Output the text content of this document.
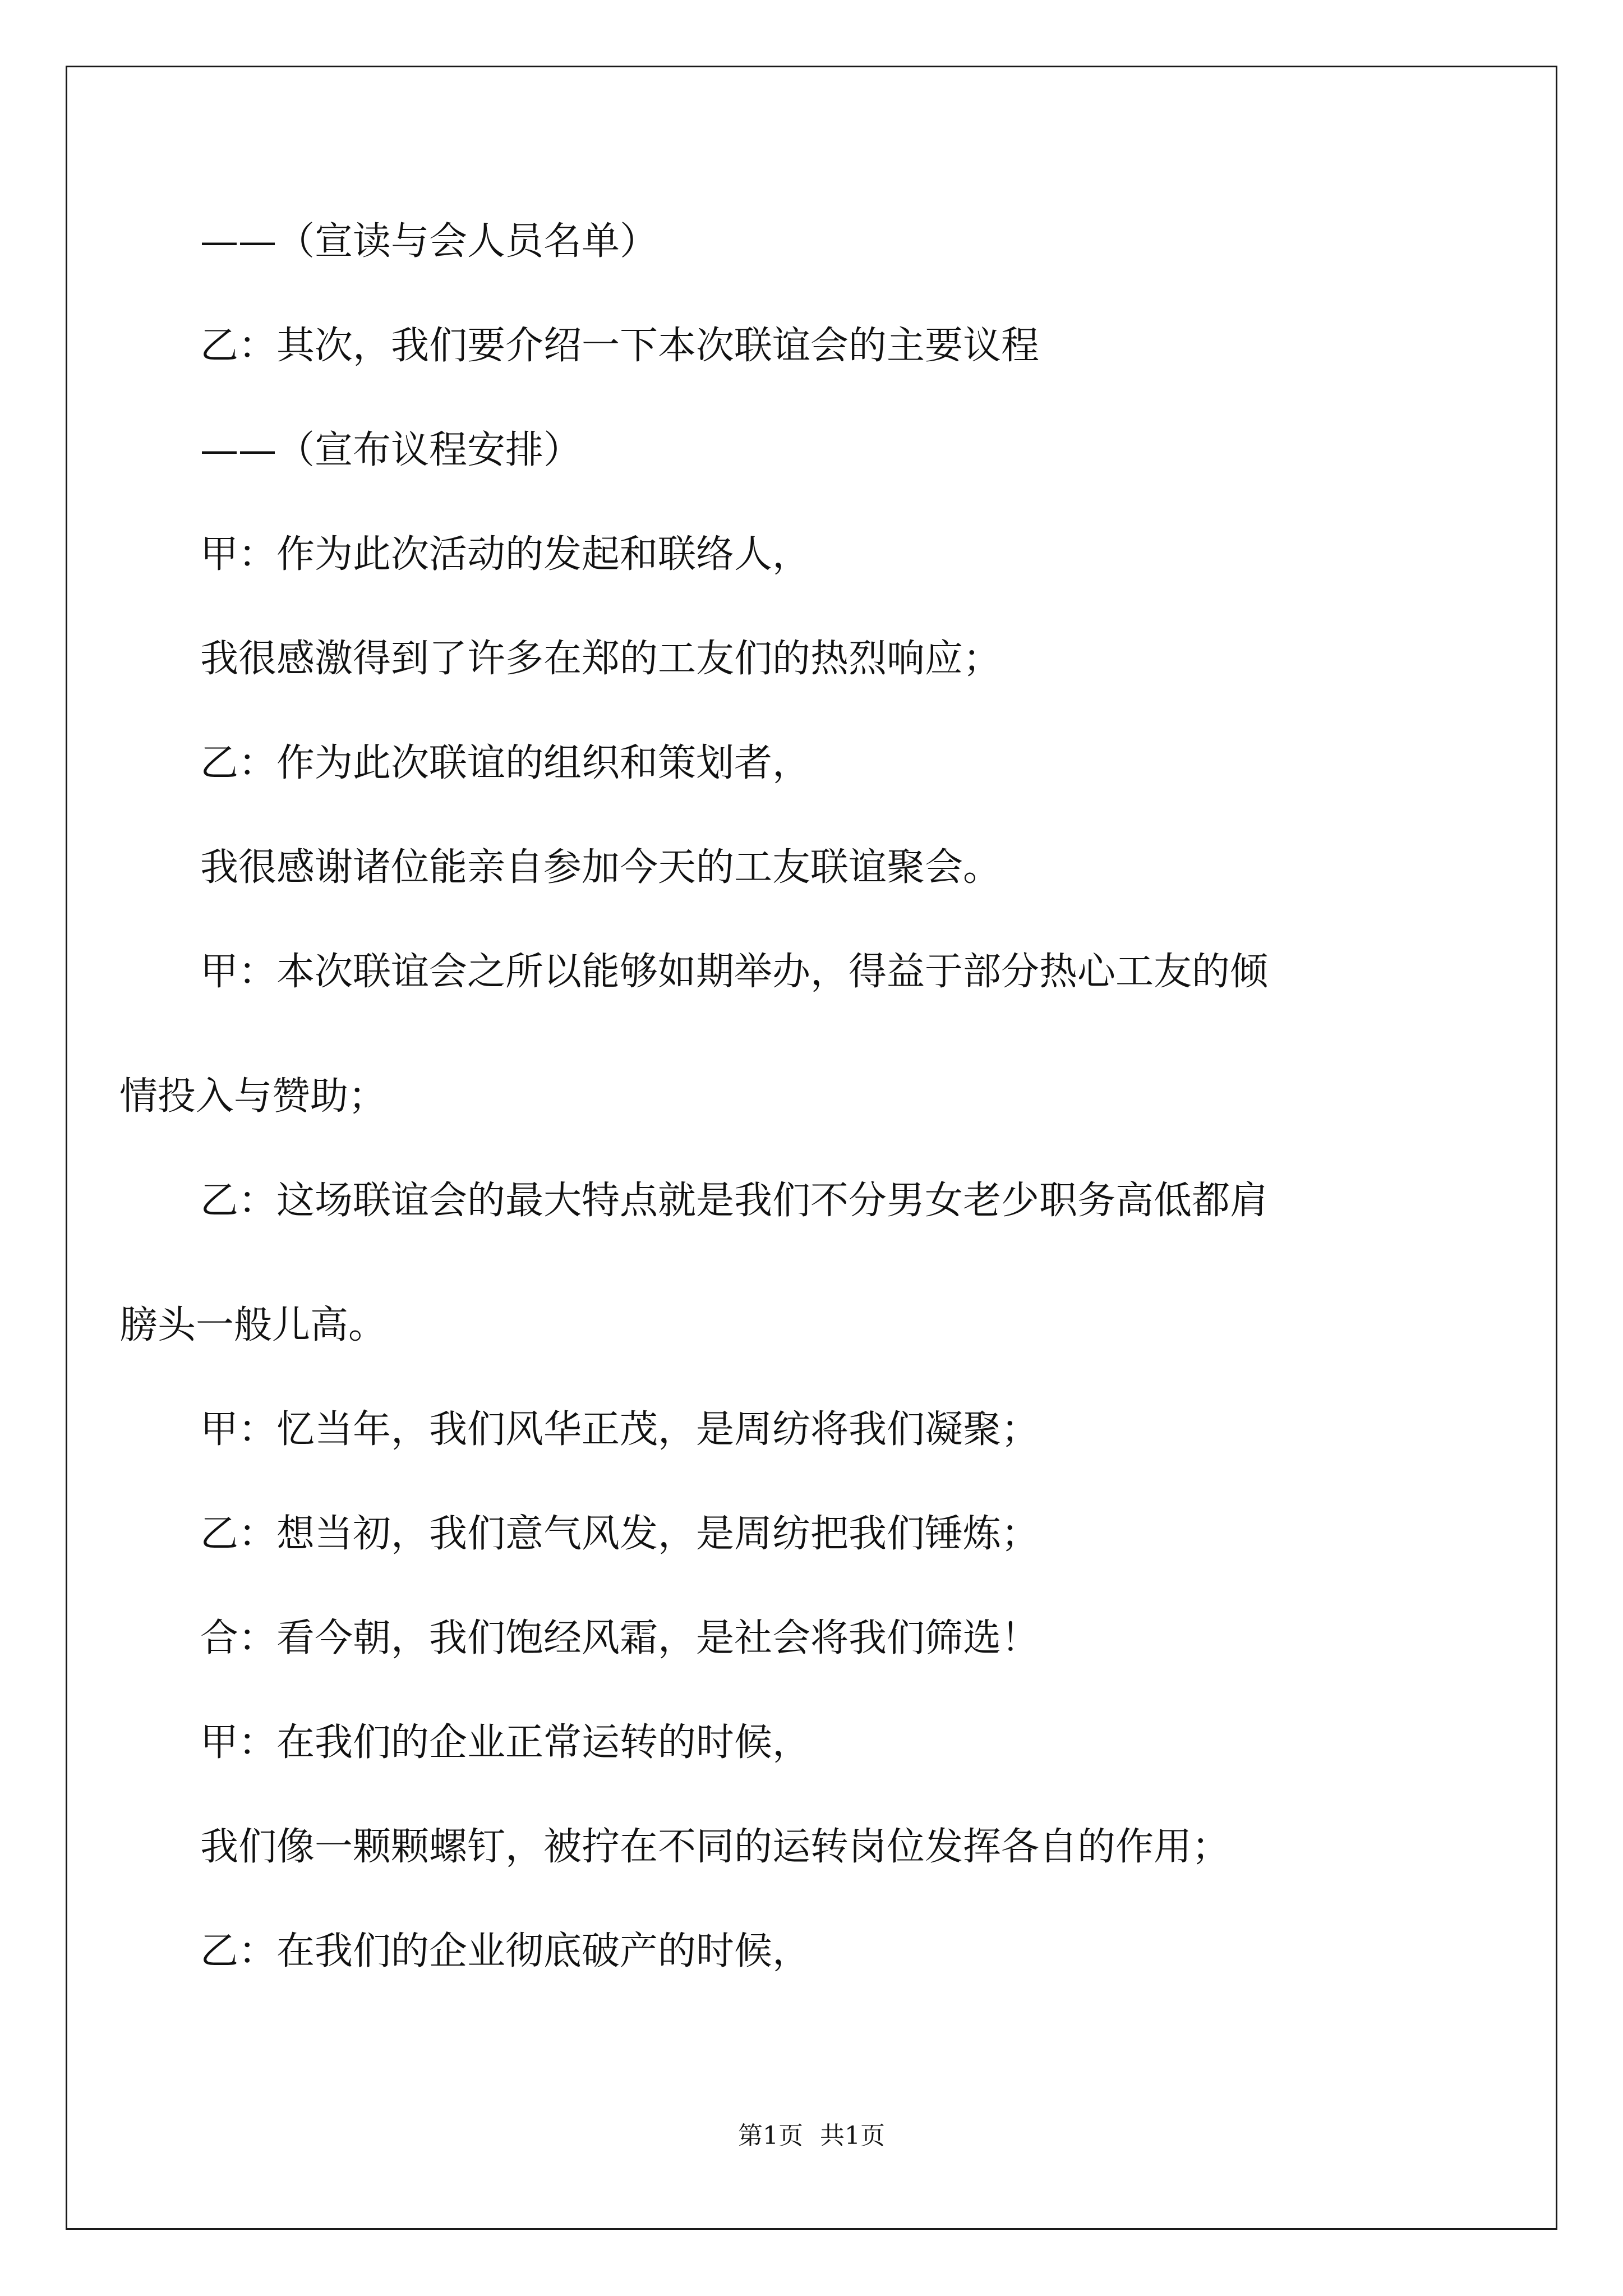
——（宣读与会人员名单）

乙：其次，我们要介绍一下本次联谊会的主要议程

——（宣布议程安排）

甲：作为此次活动的发起和联络人，

我很感激得到了许多在郑的工友们的热烈响应；

乙：作为此次联谊的组织和策划者，

我很感谢诸位能亲自参加今天的工友联谊聚会。

甲：本次联谊会之所以能够如期举办，得益于部分热心工友的倾

情投入与赞助；

乙：这场联谊会的最大特点就是我们不分男女老少职务高低都肩

膀头一般儿高。

甲：忆当年，我们风华正茂，是周纺将我们凝聚；

乙：想当初，我们意气风发，是周纺把我们锤炼；

合：看今朝，我们饱经风霜，是社会将我们筛选！

甲：在我们的企业正常运转的时候，

我们像一颗颗螺钉，被拧在不同的运转岗位发挥各自的作用；

乙：在我们的企业彻底破产的时候，

第1页 共1页
